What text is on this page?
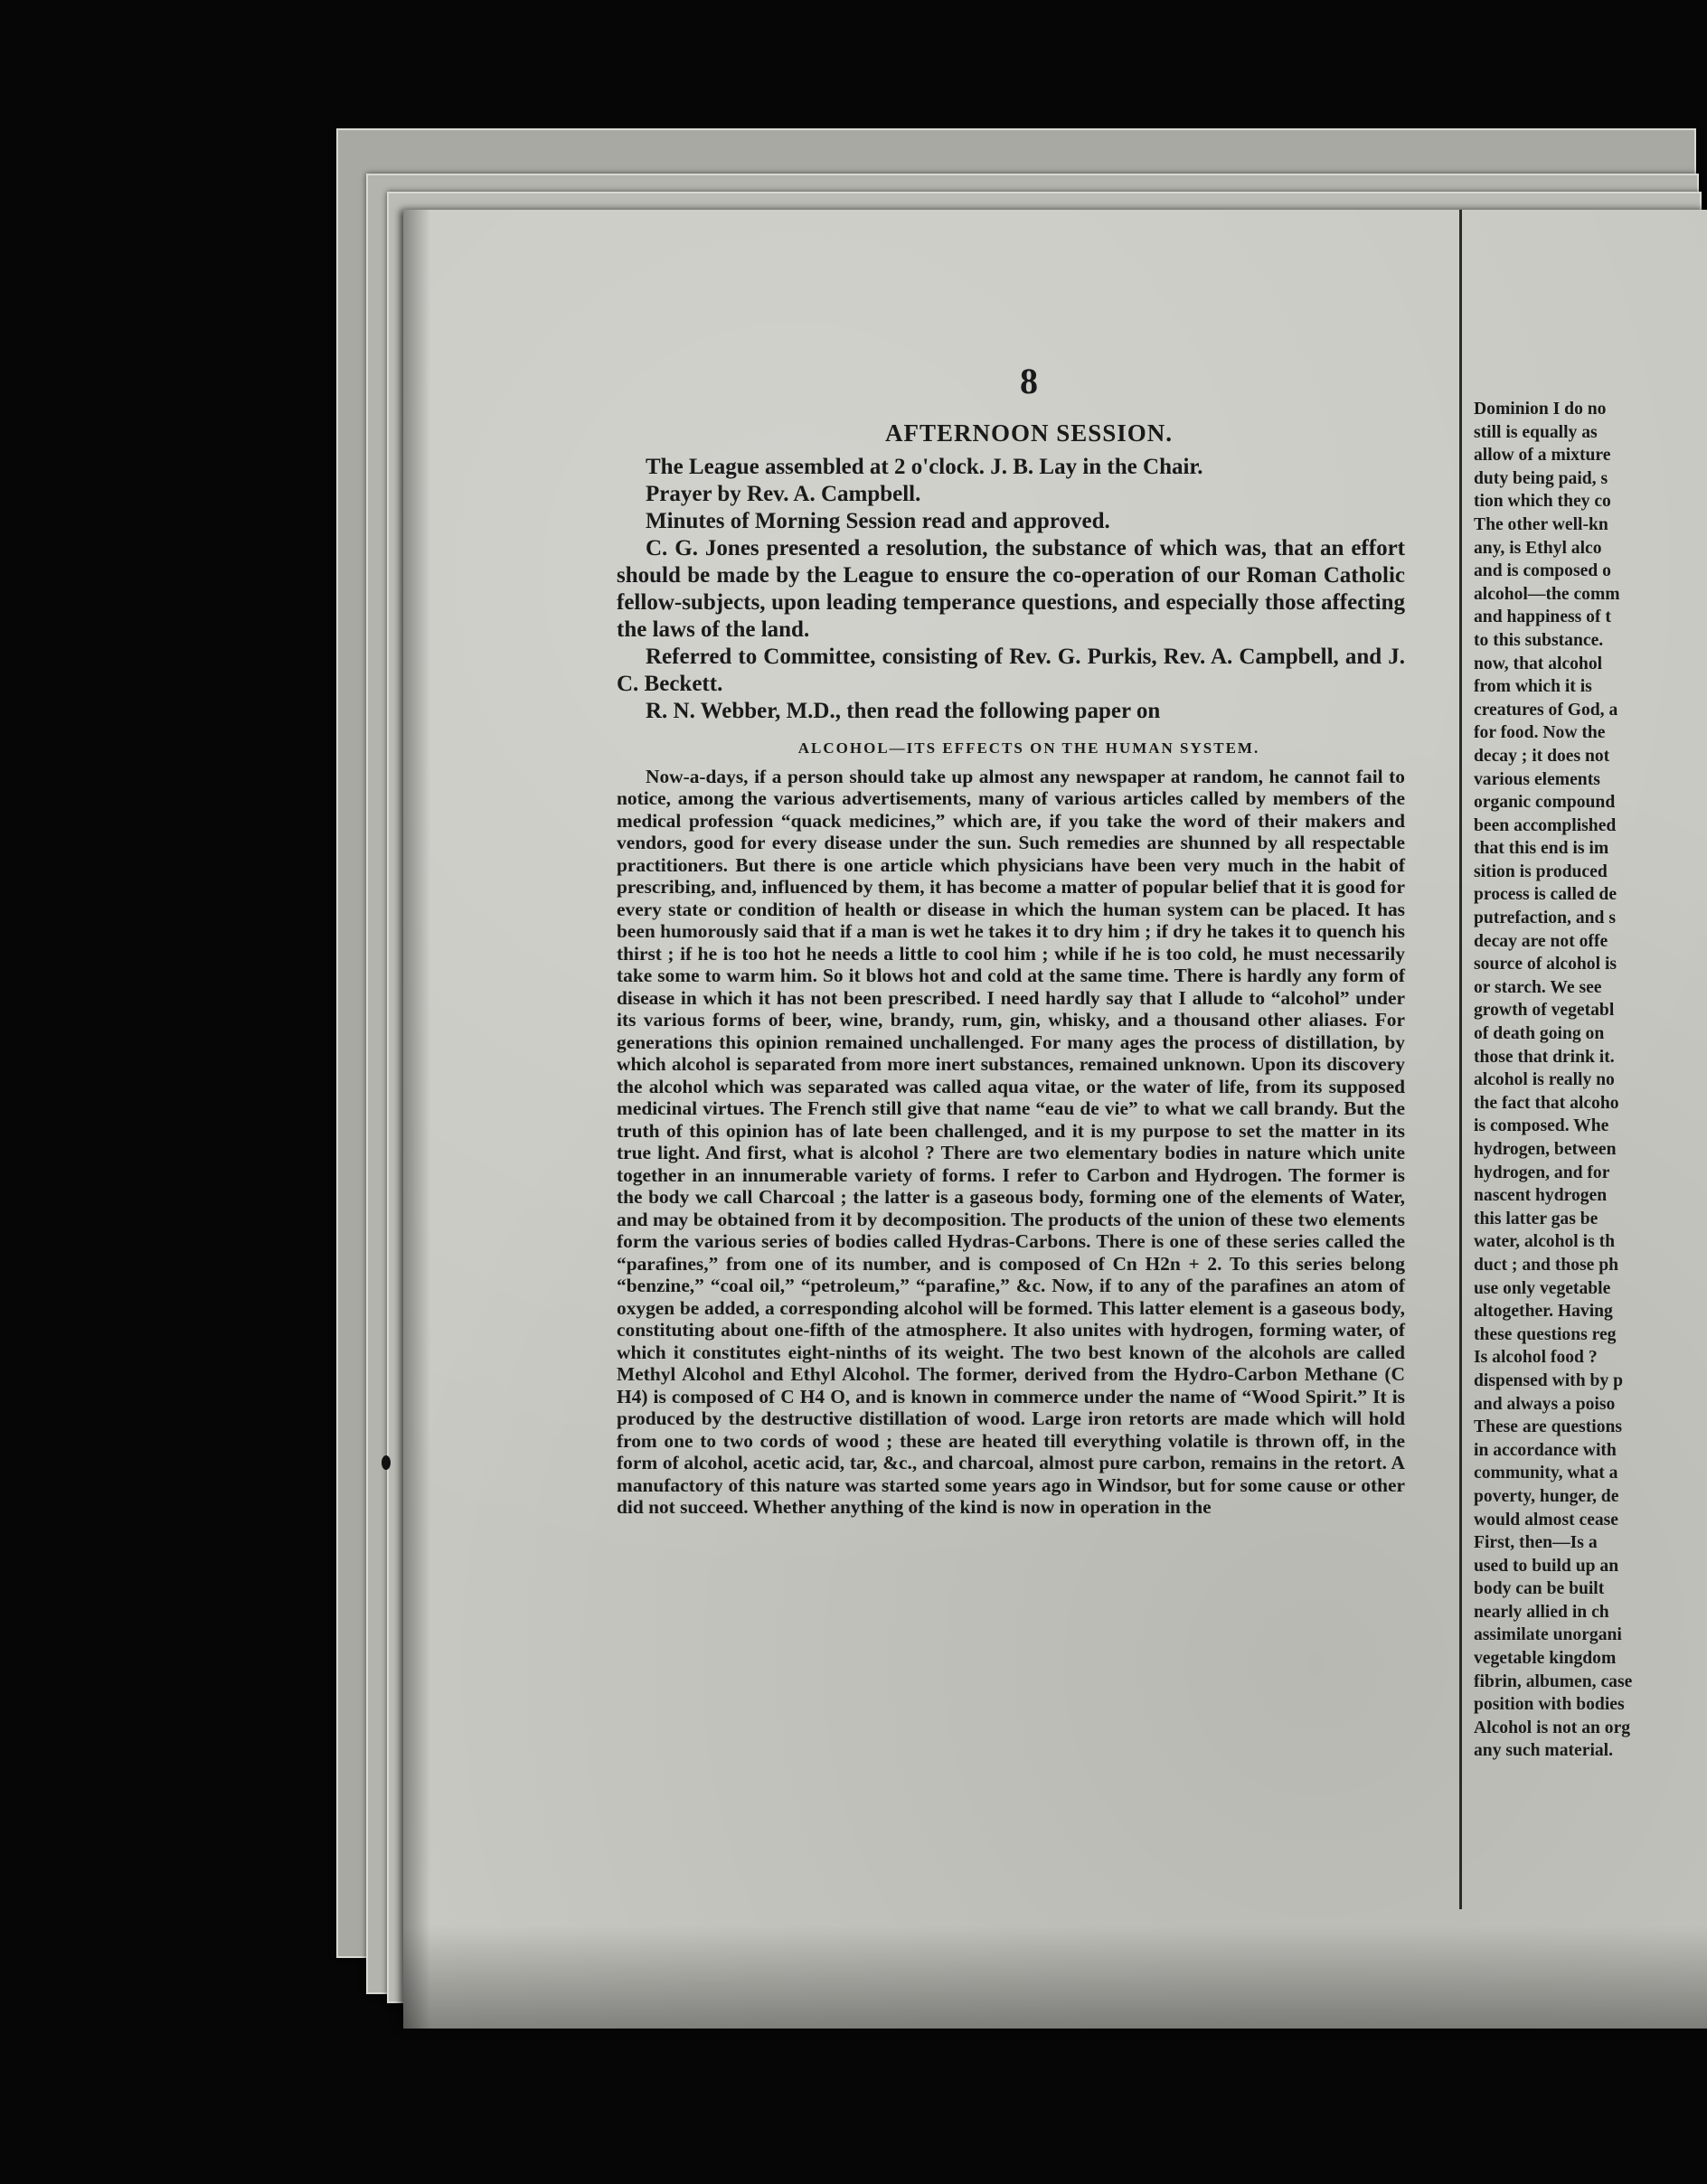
8
AFTERNOON SESSION.

The League assembled at 2 o'clock. J. B. Lay in the Chair.

Prayer by Rev. A. Campbell.

Minutes of Morning Session read and approved.

C. G. Jones presented a resolution, the substance of which was, that an effort should be made by the League to ensure the co-operation of our Roman Catholic fellow-subjects, upon leading temperance questions, and especially those affecting the laws of the land.

Referred to Committee, consisting of Rev. G. Purkis, Rev. A. Campbell, and J. C. Beckett.

R. N. Webber, M.D., then read the following paper on

ALCOHOL—ITS EFFECTS ON THE HUMAN SYSTEM.

Now-a-days, if a person should take up almost any newspaper at random, he cannot fail to notice, among the various advertisements, many of various articles called by members of the medical profession “quack medicines,” which are, if you take the word of their makers and vendors, good for every disease under the sun. Such remedies are shunned by all respectable practitioners. But there is one article which physicians have been very much in the habit of prescribing, and, influenced by them, it has become a matter of popular belief that it is good for every state or condition of health or disease in which the human system can be placed. It has been humorously said that if a man is wet he takes it to dry him ; if dry he takes it to quench his thirst ; if he is too hot he needs a little to cool him ; while if he is too cold, he must necessarily take some to warm him. So it blows hot and cold at the same time. There is hardly any form of disease in which it has not been prescribed. I need hardly say that I allude to “alcohol” under its various forms of beer, wine, brandy, rum, gin, whisky, and a thousand other aliases. For generations this opinion remained unchallenged. For many ages the process of distillation, by which alcohol is separated from more inert substances, remained unknown. Upon its discovery the alcohol which was separated was called aqua vitae, or the water of life, from its supposed medicinal virtues. The French still give that name “eau de vie” to what we call brandy. But the truth of this opinion has of late been challenged, and it is my purpose to set the matter in its true light. And first, what is alcohol ? There are two elementary bodies in nature which unite together in an innumerable variety of forms. I refer to Carbon and Hydrogen. The former is the body we call Charcoal ; the latter is a gaseous body, forming one of the elements of Water, and may be obtained from it by decomposition. The products of the union of these two elements form the various series of bodies called Hydras-Carbons. There is one of these series called the “parafines,” from one of its number, and is composed of Cn H2n + 2. To this series belong “benzine,” “coal oil,” “petroleum,” “parafine,” &c. Now, if to any of the parafines an atom of oxygen be added, a corresponding alcohol will be formed. This latter element is a gaseous body, constituting about one-fifth of the atmosphere. It also unites with hydrogen, forming water, of which it constitutes eight-ninths of its weight. The two best known of the alcohols are called Methyl Alcohol and Ethyl Alcohol. The former, derived from the Hydro-Carbon Methane (C H4) is composed of C H4 O, and is known in commerce under the name of “Wood Spirit.” It is produced by the destructive distillation of wood. Large iron retorts are made which will hold from one to two cords of wood ; these are heated till everything volatile is thrown off, in the form of alcohol, acetic acid, tar, &c., and charcoal, almost pure carbon, remains in the retort. A manufactory of this nature was started some years ago in Windsor, but for some cause or other did not succeed. Whether anything of the kind is now in operation in the

Dominion I do no
still is equally as
allow of a mixture
duty being paid, s
tion which they co
The other well-kn
any, is Ethyl alco
and is composed o
alcohol—the comm
and happiness of t
to this substance.
now, that alcohol
from which it is
creatures of God, a
for food. Now the
decay ; it does not
various elements
organic compound
been accomplished
that this end is im
sition is produced
process is called de
putrefaction, and s
decay are not offe
source of alcohol is
or starch. We see
growth of vegetabl
of death going on
those that drink it.
alcohol is really no
the fact that alcoho
is composed. Whe
hydrogen, between
hydrogen, and for
nascent hydrogen
this latter gas be
water, alcohol is th
duct ; and those ph
use only vegetable
altogether. Having
these questions reg
Is alcohol food ?
dispensed with by p
and always a poiso
These are questions
in accordance with
community, what a
poverty, hunger, de
would almost cease
First, then—Is a
used to build up an
body can be built
nearly allied in ch
assimilate unorgani
vegetable kingdom
fibrin, albumen, case
position with bodies
Alcohol is not an org
any such material.
